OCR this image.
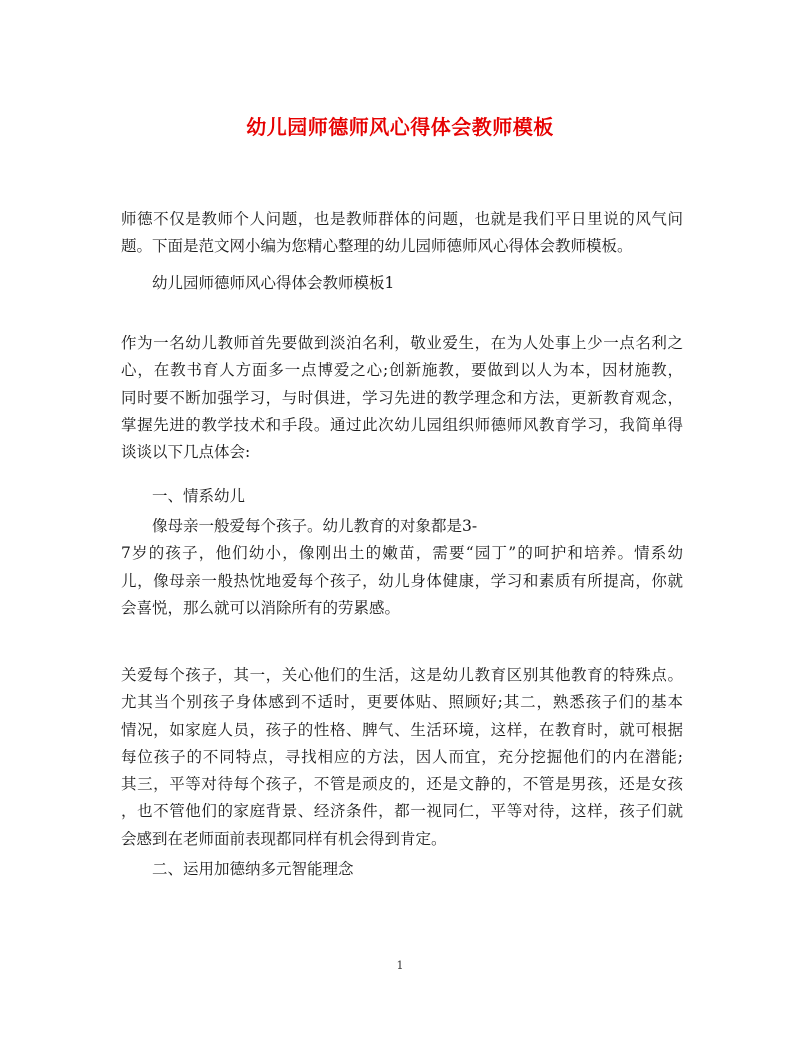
幼儿园师德师风心得体会教师模板
师德不仅是教师个人问题，也是教师群体的问题，也就是我们平日里说的风气问
题。下面是范文网小编为您精心整理的幼儿园师德师风心得体会教师模板。
幼儿园师德师风心得体会教师模板1
作为一名幼儿教师首先要做到淡泊名利，敬业爱生，在为人处事上少一点名利之
心，在教书育人方面多一点博爱之心;创新施教，要做到以人为本，因材施教，
同时要不断加强学习，与时俱进，学习先进的教学理念和方法，更新教育观念，
掌握先进的教学技术和手段。通过此次幼儿园组织师德师风教育学习，我简单得
谈谈以下几点体会:
一、情系幼儿
像母亲一般爱每个孩子。幼儿教育的对象都是3-
7岁的孩子，他们幼小，像刚出土的嫩苗，需要“园丁”的呵护和培养。情系幼
儿，像母亲一般热忱地爱每个孩子，幼儿身体健康，学习和素质有所提高，你就
会喜悦，那么就可以消除所有的劳累感。
关爱每个孩子，其一，关心他们的生活，这是幼儿教育区别其他教育的特殊点。
尤其当个别孩子身体感到不适时，更要体贴、照顾好;其二，熟悉孩子们的基本
情况，如家庭人员，孩子的性格、脾气、生活环境，这样，在教育时，就可根据
每位孩子的不同特点，寻找相应的方法，因人而宜，充分挖掘他们的内在潜能;
其三，平等对待每个孩子，不管是顽皮的，还是文静的，不管是男孩，还是女孩
，也不管他们的家庭背景、经济条件，都一视同仁，平等对待，这样，孩子们就
会感到在老师面前表现都同样有机会得到肯定。
二、运用加德纳多元智能理念
1
